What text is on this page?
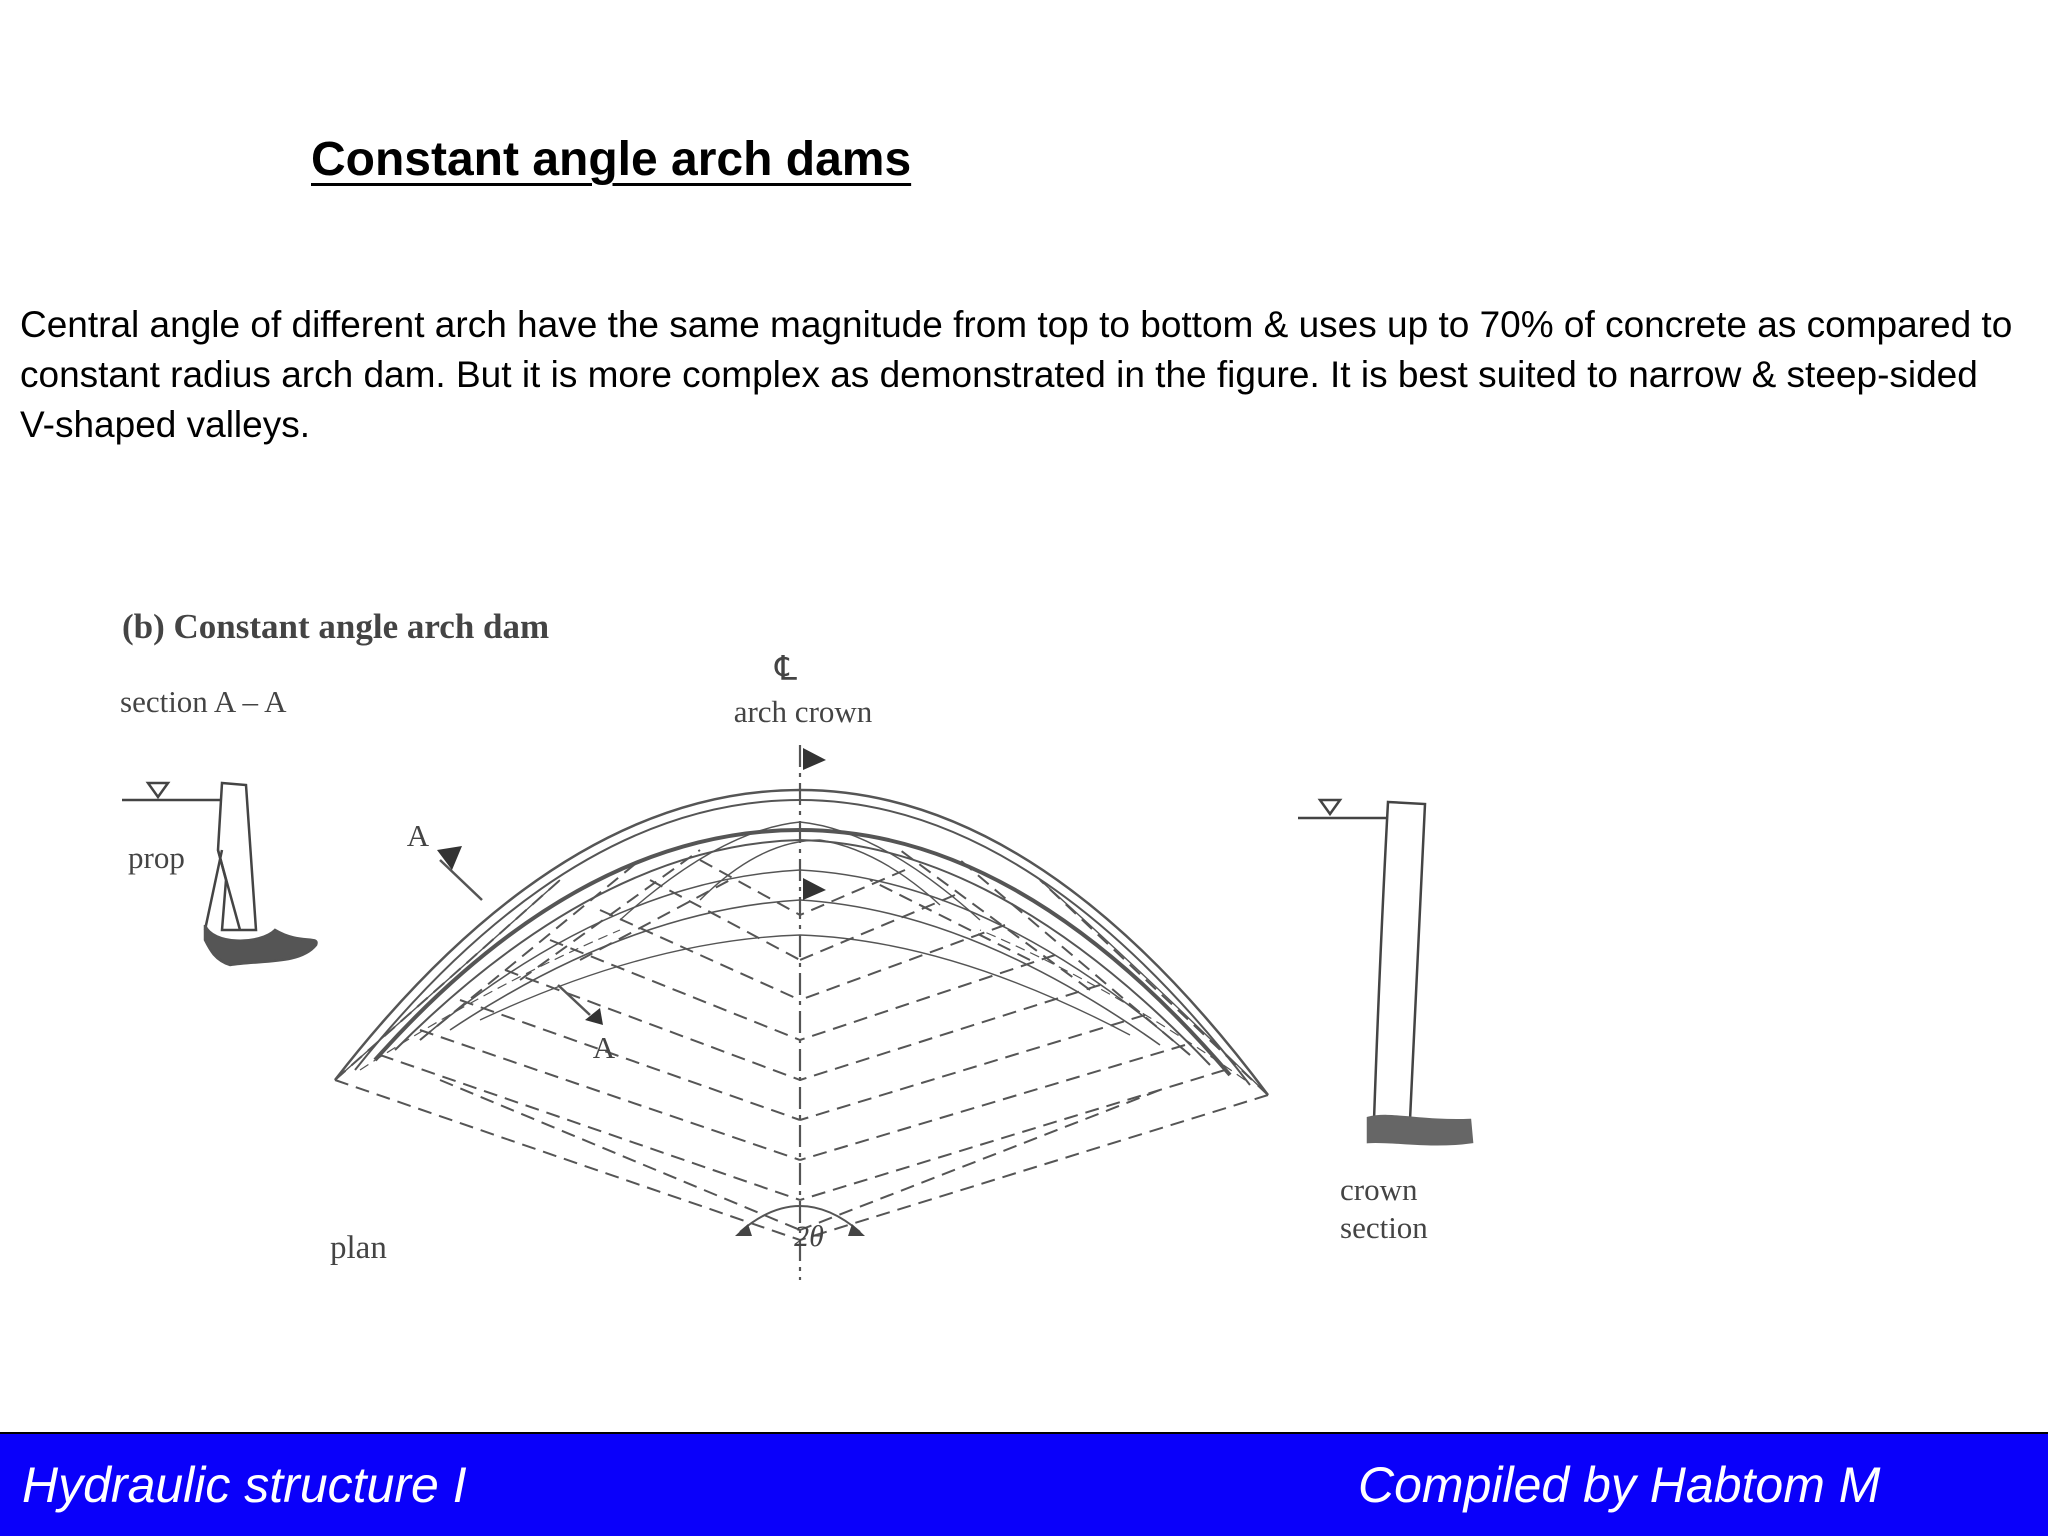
Constant angle arch dams

Central angle of different arch have the same magnitude from top to bottom & uses up to 70% of concrete as compared to constant radius arch dam. But it is more complex as demonstrated in the figure. It is best suited to narrow & steep-sided V-shaped valleys.

(b) Constant angle arch dam
section A – A
℄
arch crown
prop
A
A
2θ
plan
crown
section
Hydraulic structure I	Compiled by Habtom M
